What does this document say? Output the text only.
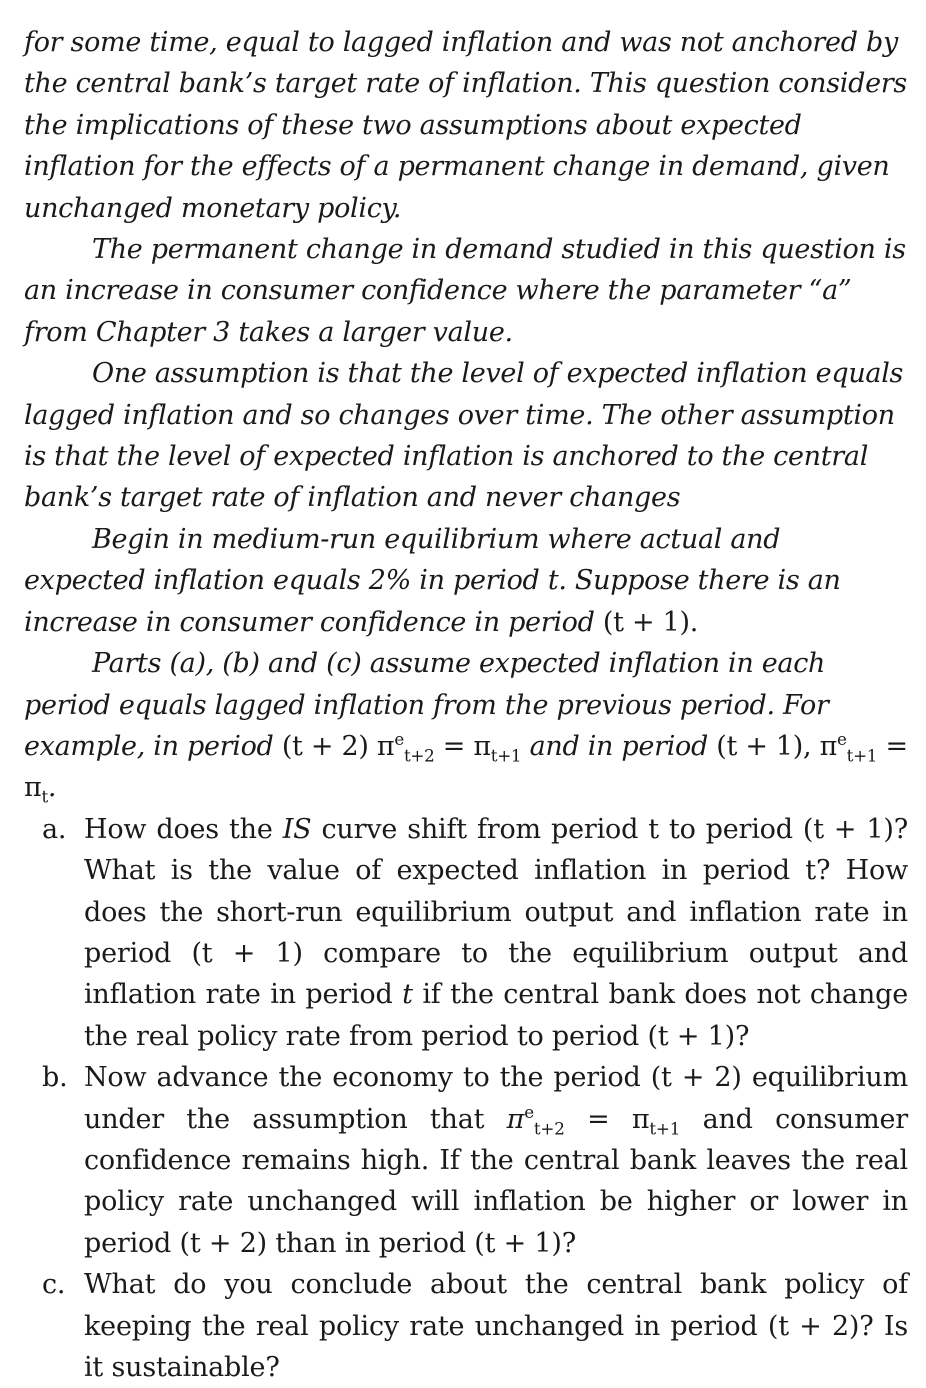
for some time, equal to lagged inflation and was not anchored by the central bank’s target rate of inflation. This question considers the implications of these two assumptions about expected inflation for the effects of a permanent change in demand, given unchanged monetary policy.

The permanent change in demand studied in this question is an increase in consumer confidence where the parameter “a” from Chapter 3 takes a larger value.

One assumption is that the level of expected inflation equals lagged inflation and so changes over time. The other assumption is that the level of expected inflation is anchored to the central bank’s target rate of inflation and never changes

Begin in medium-run equilibrium where actual and expected inflation equals 2% in period t. Suppose there is an increase in consumer confidence in period (t + 1).

Parts (a), (b) and (c) assume expected inflation in each period equals lagged inflation from the previous period. For example, in period (t + 2) $\pi^e_{t+2} = \pi_{t+1}$ and in period (t + 1), $\pi^e_{t+1} = \pi_t$.

a. How does the IS curve shift from period t to period (t + 1)? What is the value of expected inflation in period t? How does the short-run equilibrium output and inflation rate in period (t + 1) compare to the equilibrium output and inflation rate in period t if the central bank does not change the real policy rate from period to period (t + 1)?
b. Now advance the economy to the period (t + 2) equilibrium under the assumption that $\pi^e_{t+2} = \pi_{t+1}$ and consumer confidence remains high. If the central bank leaves the real policy rate unchanged will inflation be higher or lower in period (t + 2) than in period (t + 1)?
c. What do you conclude about the central bank policy of keeping the real policy rate unchanged in period (t + 2)? Is it sustainable?
